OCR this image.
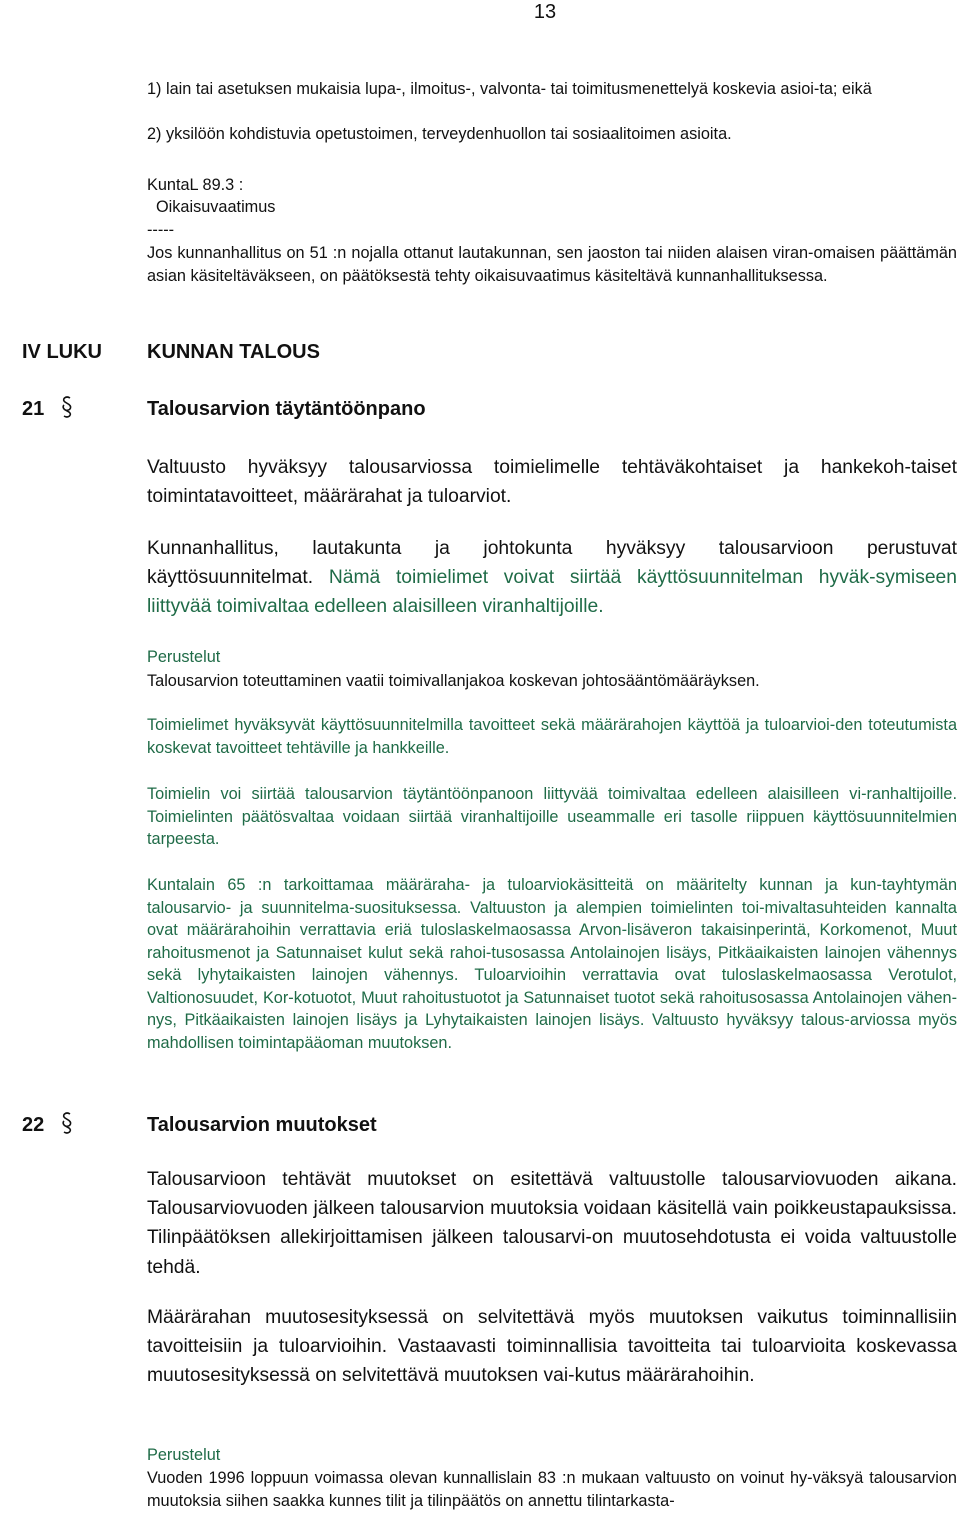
13

1) lain tai asetuksen mukaisia lupa-, ilmoitus-, valvonta- tai toimitusmenettelyä koskevia asioi-ta; eikä

2) yksilöön kohdistuvia opetustoimen, terveydenhuollon tai sosiaalitoimen asioita.

KuntaL 89.3 :

Oikaisuvaatimus

-----

Jos kunnanhallitus on 51 :n nojalla ottanut lautakunnan, sen jaoston tai niiden alaisen viran-omaisen päättämän asian käsiteltäväkseen, on päätöksestä tehty oikaisuvaatimus käsiteltävä kunnanhallituksessa.

IV LUKU KUNNAN TALOUS
21	Talousarvion täytäntöönpano

Valtuusto hyväksyy talousarviossa toimielimelle tehtäväkohtaiset ja hankekoh-taiset toimintatavoitteet, määrärahat ja tuloarviot.

Kunnanhallitus, lautakunta ja johtokunta hyväksyy talousarvioon perustuvat käyttösuunnitelmat. Nämä toimielimet voivat siirtää käyttösuunnitelman hyväk-symiseen liittyvää toimivaltaa edelleen alaisilleen viranhaltijoille.

Perustelut

Talousarvion toteuttaminen vaatii toimivallanjakoa koskevan johtosääntömääräyksen.

Toimielimet hyväksyvät käyttösuunnitelmilla tavoitteet sekä määrärahojen käyttöä ja tuloarvioi-den toteutumista koskevat tavoitteet tehtäville ja hankkeille.

Toimielin voi siirtää talousarvion täytäntöönpanoon liittyvää toimivaltaa edelleen alaisilleen vi-ranhaltijoille. Toimielinten päätösvaltaa voidaan siirtää viranhaltijoille useammalle eri tasolle riippuen käyttösuunnitelmien tarpeesta.

Kuntalain 65 :n tarkoittamaa määräraha- ja tuloarviokäsitteitä on määritelty kunnan ja kun-tayhtymän talousarvio- ja suunnitelma-suosituksessa. Valtuuston ja alempien toimielinten toi-mivaltasuhteiden kannalta ovat määrärahoihin verrattavia eriä tuloslaskelmaosassa Arvon-lisäveron takaisinperintä, Korkomenot, Muut rahoitusmenot ja Satunnaiset kulut sekä rahoi-tusosassa Antolainojen lisäys, Pitkäaikaisten lainojen vähennys sekä lyhytaikaisten lainojen vähennys. Tuloarvioihin verrattavia ovat tuloslaskelmaosassa Verotulot, Valtionosuudet, Kor-kotuotot, Muut rahoitustuotot ja Satunnaiset tuotot sekä rahoitusosassa Antolainojen vähen-nys, Pitkäaikaisten lainojen lisäys ja Lyhytaikaisten lainojen lisäys. Valtuusto hyväksyy talous-arviossa myös mahdollisen toimintapääoman muutoksen.

22	Talousarvion muutokset

Talousarvioon tehtävät muutokset on esitettävä valtuustolle talousarviovuoden aikana. Talousarviovuoden jälkeen talousarvion muutoksia voidaan käsitellä vain poikkeustapauksissa. Tilinpäätöksen allekirjoittamisen jälkeen talousarvi-on muutosehdotusta ei voida valtuustolle tehdä.

Määrärahan muutosesityksessä on selvitettävä myös muutoksen vaikutus toiminnallisiin tavoitteisiin ja tuloarvioihin. Vastaavasti toiminnallisia tavoitteita tai tuloarvioita koskevassa muutosesityksessä on selvitettävä muutoksen vai-kutus määrärahoihin.

Perustelut

Vuoden 1996 loppuun voimassa olevan kunnallislain 83 :n mukaan valtuusto on voinut hy-väksyä talousarvion muutoksia siihen saakka kunnes tilit ja tilinpäätös on annettu tilintarkasta-
